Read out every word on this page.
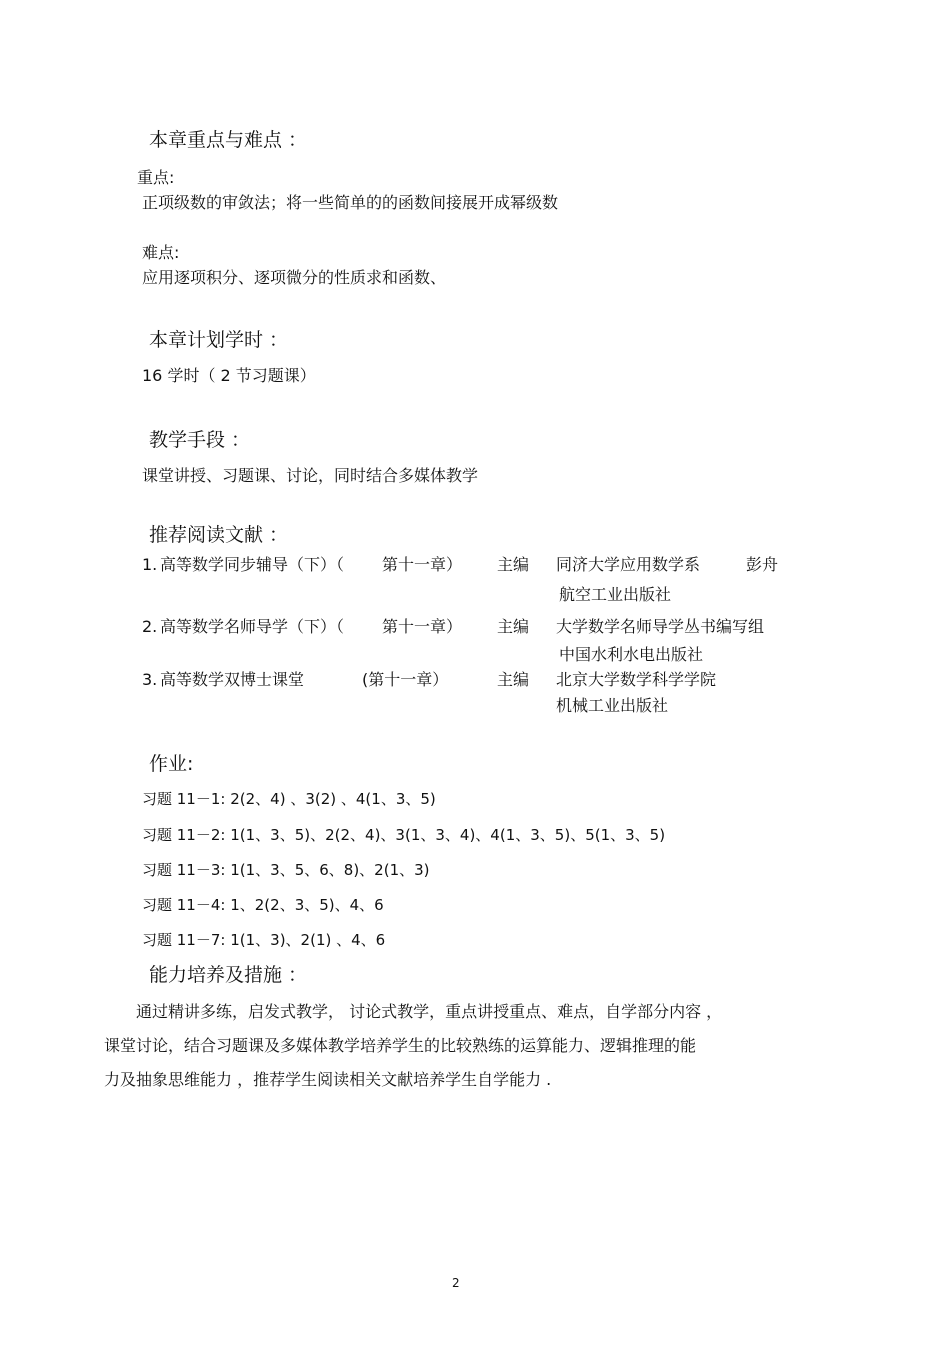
本章重点与难点 ：
重点:
正项级数的审敛法；将一些简单的的函数间接展开成幂级数
难点:
应用逐项积分、逐项微分的性质求和函数、
本章计划学时 ：
16 学时（ 2 节习题课）
教学手段 ：
课堂讲授、习题课、讨论，同时结合多媒体教学
推荐阅读文献 ：
1. 高等数学同步辅导（下）（ 第十一章） 主编 同济大学应用数学系	彭舟
航空工业出版社
2. 高等数学名师导学（下）（ 第十一章） 主编 大学数学名师导学丛书编写组
中国水利水电出版社
3. 高等数学双博士课堂	(第十一章）	主编 北京大学数学科学学院
机械工业出版社
作业:
习题 11－1: 2(2、4) 、3(2) 、4(1、3、5)
习题 11－2: 1(1、3、5)、2(2、4)、3(1、3、4)、4(1、3、5)、5(1、3、5)
习题 11－3: 1(1、3、5、6、8)、2(1、3)
习题 11－4: 1、2(2、3、5)、4、6
习题 11－7: 1(1、3)、2(1) 、4、6
能力培养及措施 ：
　　通过精讲多练，启发式教学， 讨论式教学，重点讲授重点、难点，自学部分内容 ，
课堂讨论，结合习题课及多媒体教学培养学生的比较熟练的运算能力、逻辑推理的能
力及抽象思维能力 ，推荐学生阅读相关文献培养学生自学能力 .
2
